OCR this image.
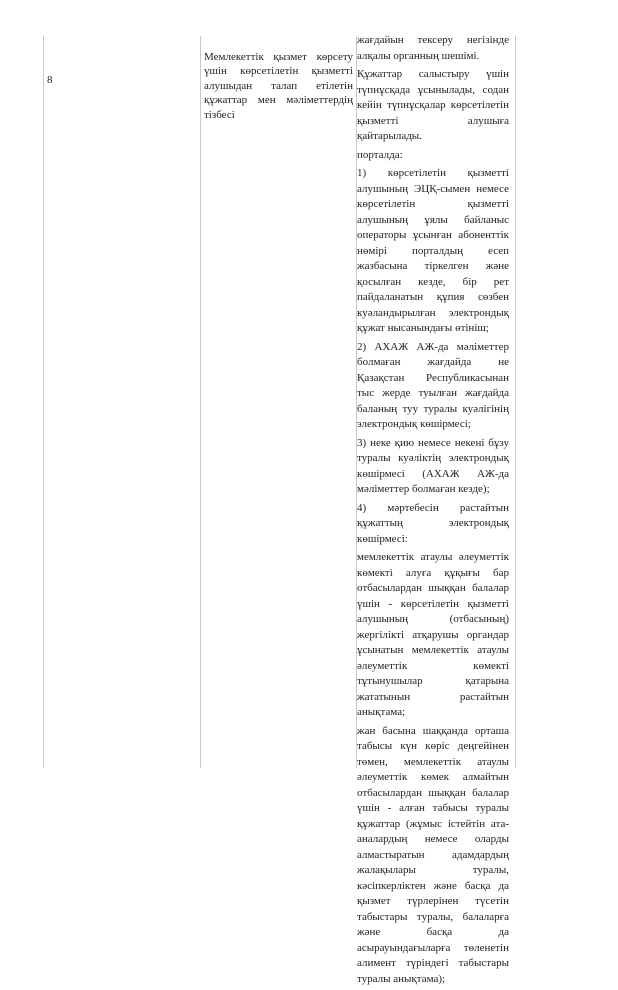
8
Мемлекеттік қызмет көрсету үшін көрсетілетін қызметті алушыдан талап етілетін құжаттар мен мәліметтердің тізбесі

жағдайын тексеру негізінде алқалы органның шешімі.

Құжаттар салыстыру үшін түпнұсқада ұсынылады, содан кейін түпнұсқалар көрсетілетін қызметті алушыға қайтарылады.

порталда:

1) көрсетілетін қызметті алушының ЭЦҚ-сымен немесе көрсетілетін қызметті алушының ұялы байланыс операторы ұсынған абоненттік нөмірі порталдың есеп жазбасына тіркелген және қосылған кезде, бір рет пайдаланатын құпия сөзбен куәландырылған электрондық құжат нысанындағы өтініш;

2) АХАЖ АЖ-да мәліметтер болмаған жағдайда не Қазақстан Республикасынан тыс жерде туылған жағдайда баланың туу туралы куәлігінің электрондық көшірмесі;

3) неке қию немесе некені бұзу туралы куәліктің электрондық көшірмесі (АХАЖ АЖ-да мәліметтер болмаған кезде);

4) мәртебесін растайтын құжаттың электрондық көшірмесі:

мемлекеттік атаулы әлеуметтік көмекті алуға құқығы бар отбасылардан шыққан балалар үшін - көрсетілетін қызметті алушының (отбасының) жергілікті атқарушы органдар ұсынатын мемлекеттік атаулы әлеуметтік көмекті тұтынушылар қатарына жататынын растайтын анықтама;

жан басына шаққанда орташа табысы күн көріс деңгейінен төмен, мемлекеттік атаулы әлеуметтік көмек алмайтын отбасылардан шыққан балалар үшін - алған табысы туралы құжаттар (жұмыс істейтін ата-аналардың немесе оларды алмастыратын адамдардың жалақылары туралы, кәсіпкерліктен және басқа да қызмет түрлерінен түсетін табыстары туралы, балаларға және басқа да асырауындағыларға төленетін алимент түріндегі табыстары туралы анықтама);
